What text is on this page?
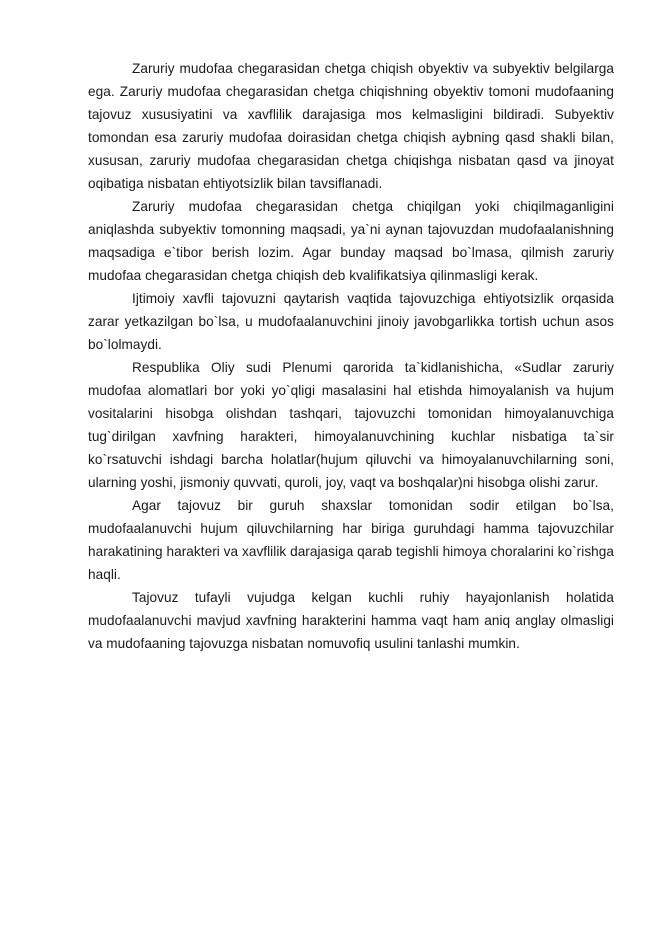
Zaruriy mudofaa chegarasidan chetga chiqish obyektiv va subyektiv belgilarga ega. Zaruriy mudofaa chegarasidan chetga chiqishning obyektiv tomoni mudofaaning tajovuz xususiyatini va xavflilik darajasiga mos kelmasligini bildiradi. Subyektiv tomondan esa zaruriy mudofaa doirasidan chetga chiqish aybning qasd shakli bilan, xususan, zaruriy mudofaa chegarasidan chetga chiqishga nisbatan qasd va jinoyat oqibatiga nisbatan ehtiyotsizlik bilan tavsiflanadi.

Zaruriy mudofaa chegarasidan chetga chiqilgan yoki chiqilmaganligini aniqlashda subyektiv tomonning maqsadi, ya`ni aynan tajovuzdan mudofaalanishning maqsadiga e`tibor berish lozim. Agar bunday maqsad bo`lmasa, qilmish zaruriy mudofaa chegarasidan chetga chiqish deb kvalifikatsiya qilinmasligi kerak.

Ijtimoiy xavfli tajovuzni qaytarish vaqtida tajovuzchiga ehtiyotsizlik orqasida zarar yetkazilgan bo`lsa, u mudofaalanuvchini jinoiy javobgarlikka tortish uchun asos bo`lolmaydi.

Respublika Oliy sudi Plenumi qarorida ta`kidlanishicha, «Sudlar zaruriy mudofaa alomatlari bor yoki yo`qligi masalasini hal etishda himoyalanish va hujum vositalarini hisobga olishdan tashqari, tajovuzchi tomonidan himoyalanuvchiga tug`dirilgan xavfning harakteri, himoyalanuvchining kuchlar nisbatiga ta`sir ko`rsatuvchi ishdagi barcha holatlar(hujum qiluvchi va himoyalanuvchilarning soni, ularning yoshi, jismoniy quvvati, quroli, joy, vaqt va boshqalar)ni hisobga olishi zarur.

Agar tajovuz bir guruh shaxslar tomonidan sodir etilgan bo`lsa, mudofaalanuvchi hujum qiluvchilarning har biriga guruhdagi hamma tajovuzchilar harakatining harakteri va xavflilik darajasiga qarab tegishli himoya choralarini ko`rishga haqli.

Tajovuz tufayli vujudga kelgan kuchli ruhiy hayajonlanish holatida mudofaalanuvchi mavjud xavfning harakterini hamma vaqt ham aniq anglay olmasligi va mudofaaning tajovuzga nisbatan nomuvofiq usulini tanlashi mumkin.
